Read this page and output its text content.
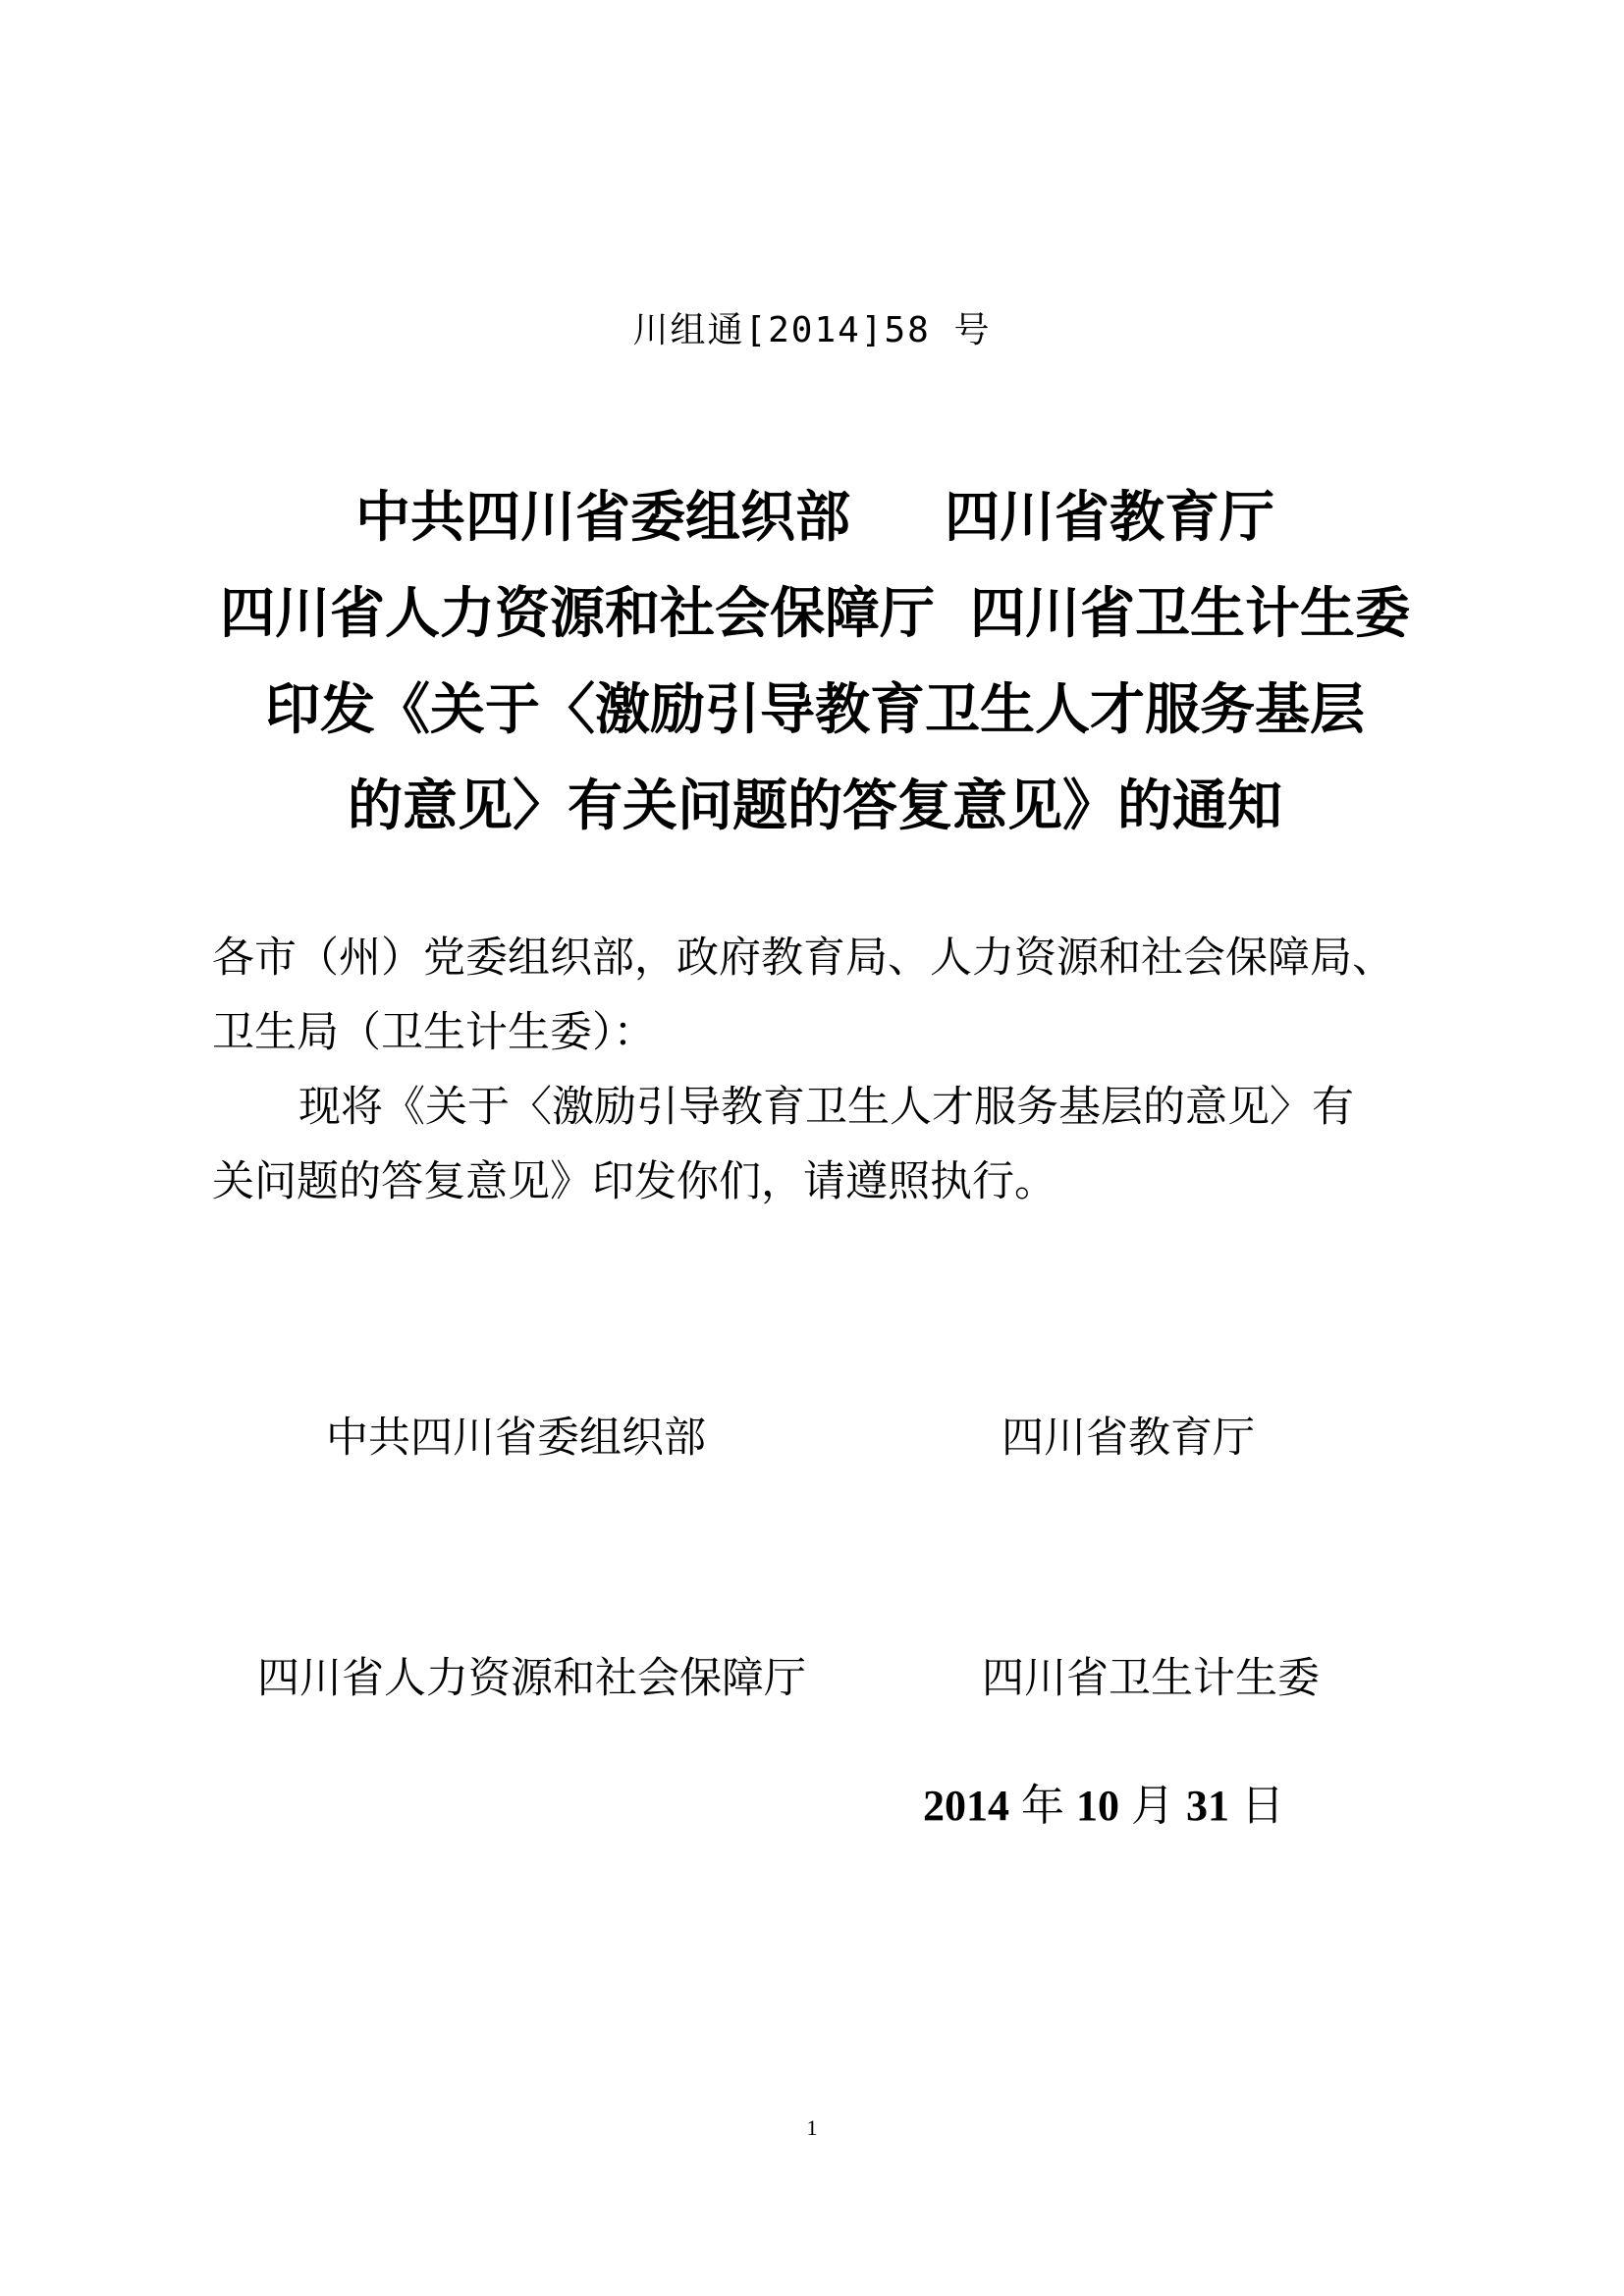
川组通[2014]58 号
中共四川省委组织部 四川省教育厅
四川省人力资源和社会保障厅 四川省卫生计生委
印发《关于〈激励引导教育卫生人才服务基层
的意见〉有关问题的答复意见》的通知
各市（州）党委组织部，政府教育局、人力资源和社会保障局、
卫生局（卫生计生委）：
现将《关于〈激励引导教育卫生人才服务基层的意见〉有
关问题的答复意见》印发你们，请遵照执行。
中共四川省委组织部	四川省教育厅
四川省人力资源和社会保障厅	四川省卫生计生委
2014 年 10 月 31 日
1
